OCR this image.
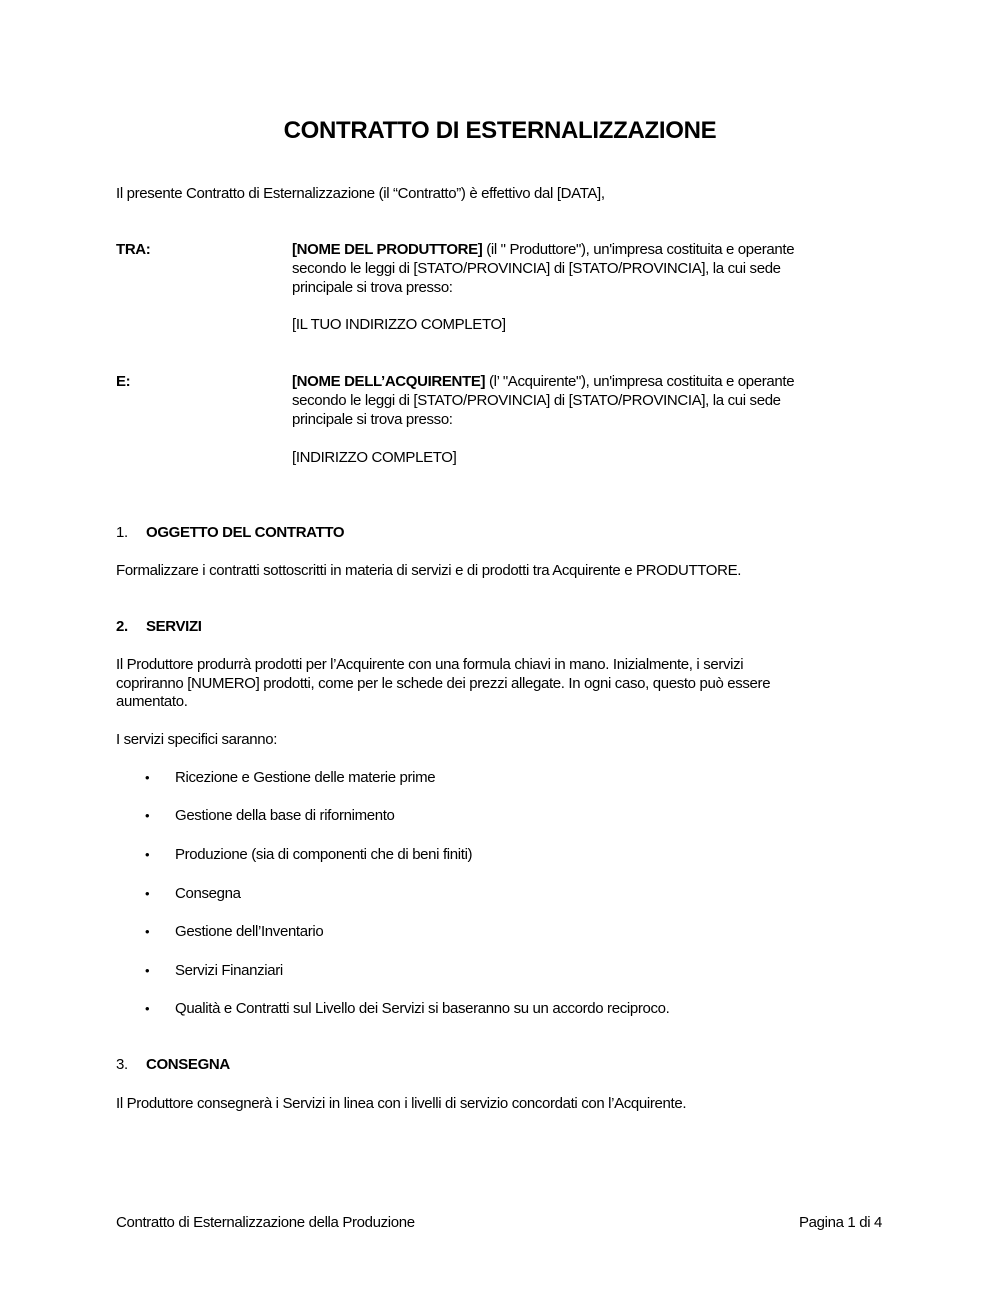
CONTRATTO DI ESTERNALIZZAZIONE
Il presente Contratto di Esternalizzazione (il “Contratto”) è effettivo dal [DATA],
TRA:	[NOME DEL PRODUTTORE] (il " Produttore"), un'impresa costituita e operante
secondo le leggi di [STATO/PROVINCIA] di [STATO/PROVINCIA], la cui sede
principale si trova presso:
[IL TUO INDIRIZZO COMPLETO]
E:	[NOME DELL’ACQUIRENTE] (l’ "Acquirente"), un'impresa costituita e operante
secondo le leggi di [STATO/PROVINCIA] di [STATO/PROVINCIA], la cui sede
principale si trova presso:
[INDIRIZZO COMPLETO]
1. OGGETTO DEL CONTRATTO
Formalizzare i contratti sottoscritti in materia di servizi e di prodotti tra Acquirente e PRODUTTORE.
2. SERVIZI
Il Produttore produrrà prodotti per l’Acquirente con una formula chiavi in mano. Inizialmente, i servizi
copriranno [NUMERO] prodotti, come per le schede dei prezzi allegate. In ogni caso, questo può essere
aumentato.
I servizi specifici saranno:
• Ricezione e Gestione delle materie prime
• Gestione della base di rifornimento
• Produzione (sia di componenti che di beni finiti)
• Consegna
• Gestione dell’Inventario
• Servizi Finanziari
• Qualità e Contratti sul Livello dei Servizi si baseranno su un accordo reciproco.
3. CONSEGNA
Il Produttore consegnerà i Servizi in linea con i livelli di servizio concordati con l’Acquirente.
Contratto di Esternalizzazione della Produzione	Pagina 1 di 4
